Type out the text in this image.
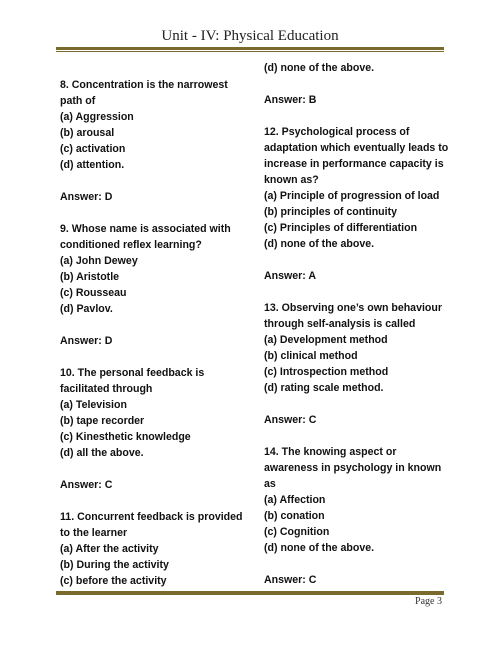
Unit - IV: Physical Education
8. Concentration is the narrowest
path of
(a) Aggression
(b) arousal
(c) activation
(d) attention.
Answer: D
9. Whose name is associated with
conditioned reflex learning?
(a) John Dewey
(b) Aristotle
(c) Rousseau
(d) Pavlov.
Answer: D
10. The personal feedback is
facilitated through
(a) Television
(b) tape recorder
(c) Kinesthetic knowledge
(d) all the above.
Answer: C
11. Concurrent feedback is provided
to the learner
(a) After the activity
(b) During the activity
(c) before the activity
(d) none of the above.
Answer: B
12. Psychological process of
adaptation which eventually leads to
increase in performance capacity is
known as?
(a) Principle of progression of load
(b) principles of continuity
(c) Principles of differentiation
(d) none of the above.
Answer: A
13. Observing one’s own behaviour
through self-analysis is called
(a) Development method
(b) clinical method
(c) Introspection method
(d) rating scale method.
Answer: C
14. The knowing aspect or
awareness in psychology in known
as
(a) Affection
(b) conation
(c) Cognition
(d) none of the above.
Answer: C
Page 3
